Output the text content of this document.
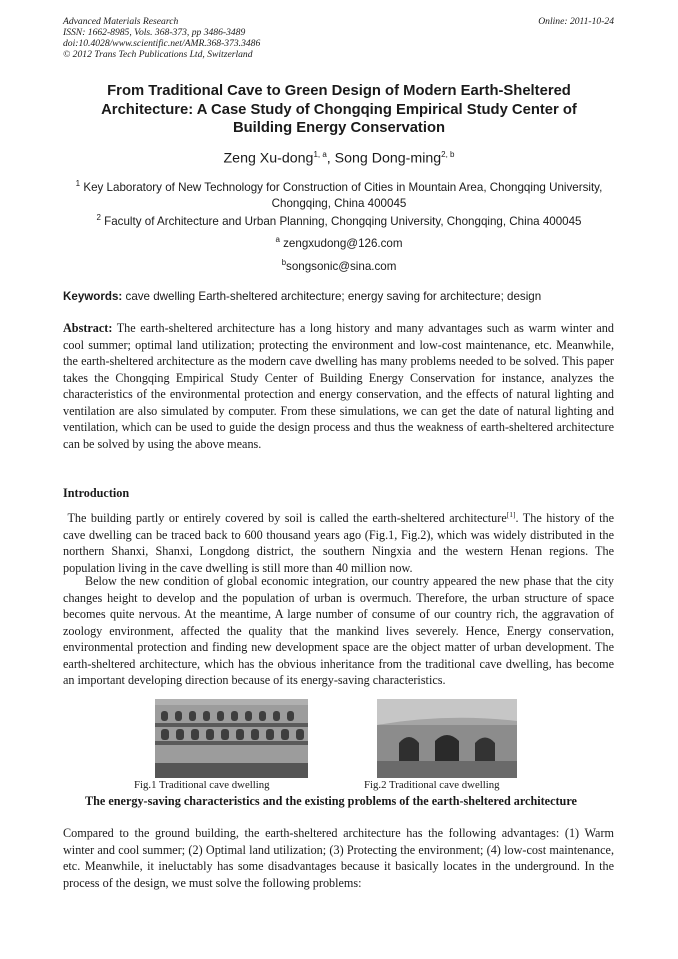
Advanced Materials Research
ISSN: 1662-8985, Vols. 368-373, pp 3486-3489
doi:10.4028/www.scientific.net/AMR.368-373.3486
© 2012 Trans Tech Publications Ltd, Switzerland
Online: 2011-10-24
From Traditional Cave to Green Design of Modern Earth-Sheltered Architecture: A Case Study of Chongqing Empirical Study Center of Building Energy Conservation
Zeng Xu-dong$^{1, a}$, Song Dong-ming$^{2, b}$
$^1$ Key Laboratory of New Technology for Construction of Cities in Mountain Area, Chongqing University, Chongqing, China 400045
$^2$ Faculty of Architecture and Urban Planning, Chongqing University, Chongqing, China 400045
$^a$ zengxudong@126.com
$^b$songsonic@sina.com
Keywords: cave dwelling Earth-sheltered architecture; energy saving for architecture; design
Abstract: The earth-sheltered architecture has a long history and many advantages such as warm winter and cool summer; optimal land utilization; protecting the environment and low-cost maintenance, etc. Meanwhile, the earth-sheltered architecture as the modern cave dwelling has many problems needed to be solved. This paper takes the Chongqing Empirical Study Center of Building Energy Conservation for instance, analyzes the characteristics of the environmental protection and energy conservation, and the effects of natural lighting and ventilation are also simulated by computer. From these simulations, we can get the date of natural lighting and ventilation, which can be used to guide the design process and thus the weakness of earth-sheltered architecture can be solved by using the above means.
Introduction
The building partly or entirely covered by soil is called the earth-sheltered architecture[1]. The history of the cave dwelling can be traced back to 600 thousand years ago (Fig.1, Fig.2), which was widely distributed in the northern Shanxi, Shanxi, Longdong district, the southern Ningxia and the western Henan regions. The population living in the cave dwelling is still more than 40 million now.
Below the new condition of global economic integration, our country appeared the new phase that the city changes height to develop and the population of urban is overmuch. Therefore, the urban structure of space becomes quite nervous. At the meantime, A large number of consume of our country rich, the aggravation of zoology environment, affected the quality that the mankind lives severely. Hence, Energy conservation, environmental protection and finding new development space are the object matter of urban development. The earth-sheltered architecture, which has the obvious inheritance from the traditional cave dwelling, has become an important developing direction because of its energy-saving characteristics.
Fig.1 Traditional cave dwelling	Fig.2 Traditional cave dwelling
The energy-saving characteristics and the existing problems of the earth-sheltered architecture
Compared to the ground building, the earth-sheltered architecture has the following advantages: (1) Warm winter and cool summer; (2) Optimal land utilization; (3) Protecting the environment; (4) low-cost maintenance, etc. Meanwhile, it ineluctably has some disadvantages because it basically locates in the underground. In the process of the design, we must solve the following problems:
